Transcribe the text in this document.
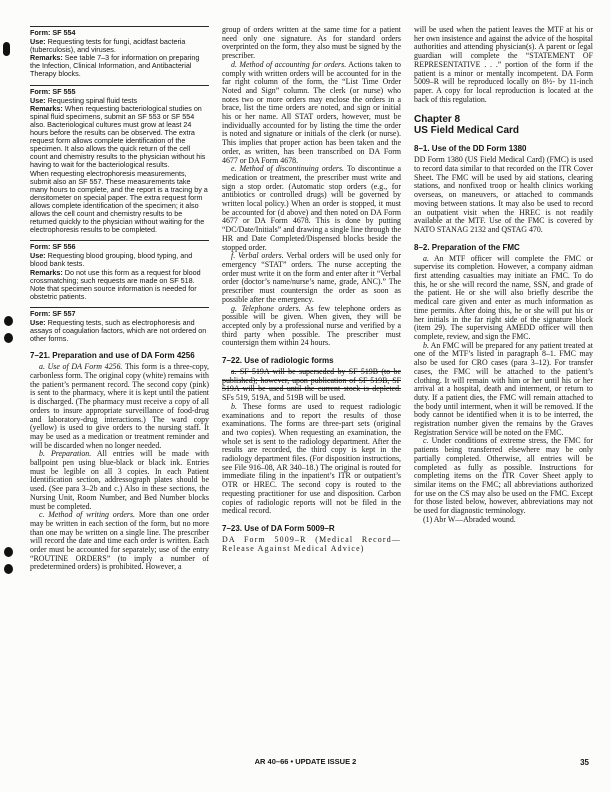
Form: SF 554

Use: Requesting tests for fungi, acidfast bacteria (tuberculosis), and viruses.

Remarks: See table 7–3 for information on preparing the Infection, Clinical Information, and Antibacterial Therapy blocks.

Form: SF 555

Use: Requesting spinal fluid tests

Remarks: When requesting bacteriological studies on spinal fluid specimens, submit an SF 553 or SF 554 also. Bacteriological cultures must grow at least 24 hours before the results can be observed. The extra request form allows complete identification of the specimen. It also allows the quick return of the cell count and chemistry results to the physician without his having to wait for the bacteriological results.

When requesting electrophoresis measurements, submit also an SF 557. These measurements take many hours to complete, and the report is a tracing by a densitometer on special paper. The extra request form allows complete identification of the specimen; it also allows the cell count and chemistry results to be returned quickly to the physician without waiting for the electrophoresis results to be completed.

Form: SF 556

Use: Requesting blood grouping, blood typing, and blood bank tests.

Remarks: Do not use this form as a request for blood crossmatching; such requests are made on SF 518. Note that specimen source information is needed for obstetric patients.

Form: SF 557

Use: Requesting tests, such as electrophoresis and assays of coagulation factors, which are not ordered on other forms.

7–21. Preparation and use of DA Form 4256

a. Use of DA Form 4256. This form is a three-copy, carbonless form. The original copy (white) remains with the patient’s permanent record. The second copy (pink) is sent to the pharmacy, where it is kept until the patient is discharged. (The pharmacy must receive a copy of all orders to insure appropriate surveillance of food-drug and laboratory-drug interactions.) The ward copy (yellow) is used to give orders to the nursing staff. It may be used as a medication or treatment reminder and will be discarded when no longer needed.

b. Preparation. All entries will be made with ballpoint pen using blue-black or black ink. Entries must be legible on all 3 copies. In each Patient Identification section, addressograph plates should be used. (See para 3–2b and c.) Also in these sections, the Nursing Unit, Room Number, and Bed Number blocks must be completed.

c. Method of writing orders. More than one order may be written in each section of the form, but no more than one may be written on a single line. The prescriber will record the date and time each order is written. Each order must be accounted for separately; use of the entry “ROUTINE ORDERS” (to imply a number of predetermined orders) is prohibited. However, a

group of orders written at the same time for a patient need only one signature. As for standard orders overprinted on the form, they also must be signed by the prescriber.

d. Method of accounting for orders. Actions taken to comply with written orders will be accounted for in the far right column of the form, the “List Time Order Noted and Sign” column. The clerk (or nurse) who notes two or more orders may enclose the orders in a brace, list the time orders are noted, and sign or initial his or her name. All STAT orders, however, must be individually accounted for by listing the time the order is noted and signature or initials of the clerk (or nurse). This implies that proper action has been taken and the order, as written, has been transcribed on DA Form 4677 or DA Form 4678.

e. Method of discontinuing orders. To discontinue a medication or treatment, the prescriber must write and sign a stop order. (Automatic stop orders (e.g., for antibiotics or controlled drugs) will be governed by written local policy.) When an order is stopped, it must be accounted for (d above) and then noted on DA Form 4677 or DA Form 4678. This is done by putting “DC/Date/Initials” and drawing a single line through the HR and Date Completed/Dispensed blocks beside the stopped order.

f. Verbal orders. Verbal orders will be used only for emergency “STAT” orders. The nurse accepting the order must write it on the form and enter after it “Verbal order (doctor’s name/nurse’s name, grade, ANC).” The prescriber must countersign the order as soon as possible after the emergency.

g. Telephone orders. As few telephone orders as possible will be given. When given, they will be accepted only by a professional nurse and verified by a third party when possible. The prescriber must countersign them within 24 hours.

7–22. Use of radiologic forms

a. SF 519A will be superseded by SF 519B (to be published); however, upon publication of SF 519B, SF 519A will be used until the current stock is depleted. SFs 519, 519A, and 519B will be used.

b. These forms are used to request radiologic examinations and to report the results of those examinations. The forms are three-part sets (original and two copies). When requesting an examination, the whole set is sent to the radiology department. After the results are recorded, the third copy is kept in the radiology department files. (For disposition instructions, see File 916–08, AR 340–18.) The original is routed for immediate filing in the inpatient’s ITR or outpatient’s OTR or HREC. The second copy is routed to the requesting practitioner for use and disposition. Carbon copies of radiologic reports will not be filed in the medical record.

7–23. Use of DA Form 5009–R

DA Form 5009–R (Medical Record—Release Against Medical Advice)

will be used when the patient leaves the MTF at his or her own insistence and against the advice of the hospital authorities and attending physician(s). A parent or legal guardian will complete the “STATEMENT OF REPRESENTATIVE . . .” portion of the form if the patient is a minor or mentally incompetent. DA Form 5009–R will be reproduced locally on 8½- by 11-inch paper. A copy for local reproduction is located at the back of this regulation.

Chapter 8
US Field Medical Card
8–1. Use of the DD Form 1380

DD Form 1380 (US Field Medical Card) (FMC) is used to record data similar to that recorded on the ITR Cover Sheet. The FMC will be used by aid stations, clearing stations, and nonfixed troop or health clinics working overseas, on maneuvers, or attached to commands moving between stations. It may also be used to record an outpatient visit when the HREC is not readily available at the MTF. Use of the FMC is covered by NATO STANAG 2132 and QSTAG 470.

8–2. Preparation of the FMC

a. An MTF officer will complete the FMC or supervise its completion. However, a company aidman first attending casualties may initiate an FMC. To do this, he or she will record the name, SSN, and grade of the patient. He or she will also briefly describe the medical care given and enter as much information as time permits. After doing this, he or she will put his or her initials in the far right side of the signature block (item 29). The supervising AMEDD officer will then complete, review, and sign the FMC.

b. An FMC will be prepared for any patient treated at one of the MTF’s listed in paragraph 8–1. FMC may also be used for CRO cases (para 3–12). For transfer cases, the FMC will be attached to the patient’s clothing. It will remain with him or her until his or her arrival at a hospital, death and interment, or return to duty. If a patient dies, the FMC will remain attached to the body until interment, when it will be removed. If the body cannot be identified when it is to be interred, the registration number given the remains by the Graves Registration Service will be noted on the FMC.

c. Under conditions of extreme stress, the FMC for patients being transferred elsewhere may be only partially completed. Otherwise, all entries will be completed as fully as possible. Instructions for completing items on the ITR Cover Sheet apply to similar items on the FMC; all abbreviations authorized for use on the CS may also be used on the FMC. Except for those listed below, however, abbreviations may not be used for diagnostic terminology.

(1) Abr W—Abraded wound.

AR 40–66 • UPDATE ISSUE 2	35
